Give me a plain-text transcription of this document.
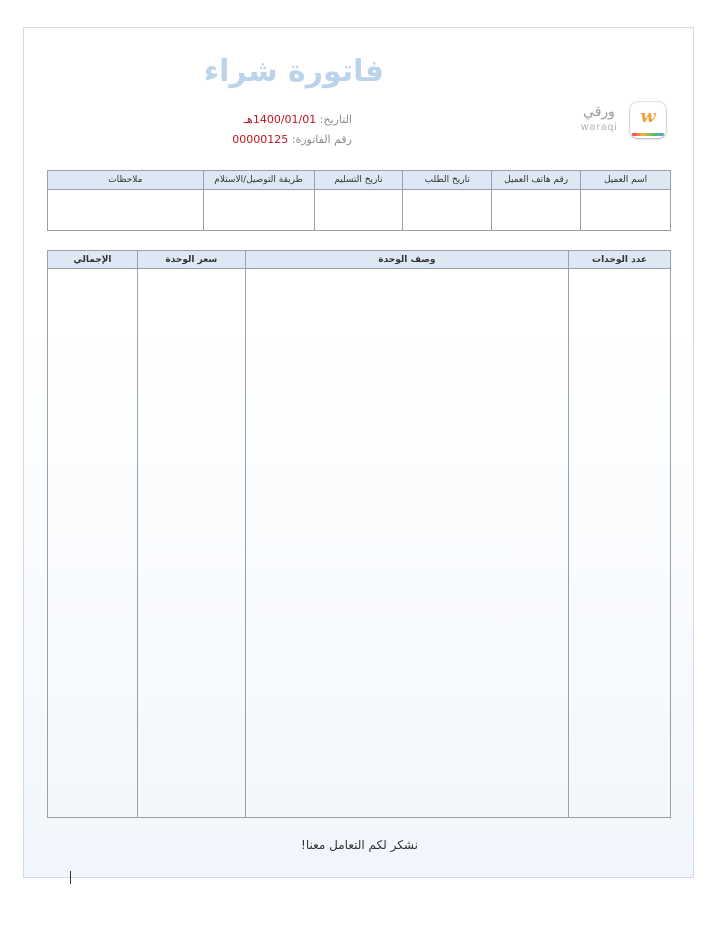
فاتورة شراء
التاريخ: 1400/01/01هـ
رقم الفاتورة: 00000125
ورقي
waraqi
w
ملاحظات	طريقة التوصيل/الاستلام	تاريخ التسليم	تاريخ الطلب	رقم هاتف العميل	اسم العميل

الإجمالي	سعر الوحدة	وصف الوحدة	عدد الوحدات

نشكر لكم التعامل معنا!
